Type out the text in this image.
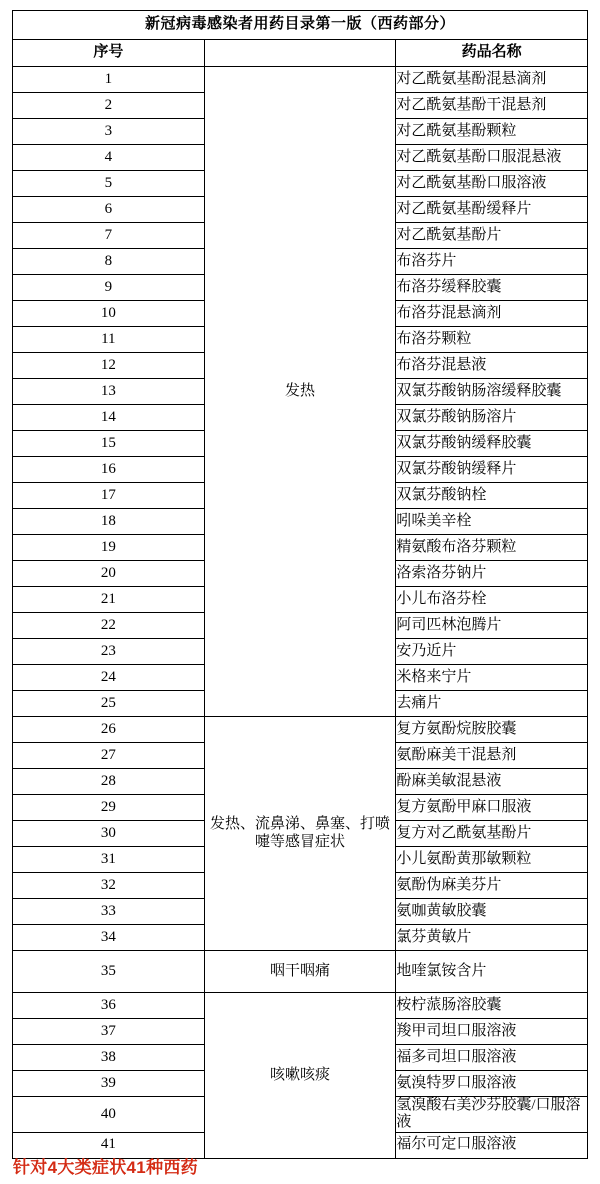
新冠病毒感染者用药目录第一版（西药部分）		
序号		药品名称
1	发热	对乙酰氨基酚混悬滴剂
2		对乙酰氨基酚干混悬剂
3		对乙酰氨基酚颗粒
4		对乙酰氨基酚口服混悬液
5		对乙酰氨基酚口服溶液
6		对乙酰氨基酚缓释片
7		对乙酰氨基酚片
8		布洛芬片
9		布洛芬缓释胶囊
10		布洛芬混悬滴剂
11		布洛芬颗粒
12		布洛芬混悬液
13		双氯芬酸钠肠溶缓释胶囊
14		双氯芬酸钠肠溶片
15		双氯芬酸钠缓释胶囊
16		双氯芬酸钠缓释片
17		双氯芬酸钠栓
18		吲哚美辛栓
19		精氨酸布洛芬颗粒
20		洛索洛芬钠片
21		小儿布洛芬栓
22		阿司匹林泡腾片
23		安乃近片
24		米格来宁片
25		去痛片
26	发热、流鼻涕、鼻塞、打喷嚏等感冒症状	复方氨酚烷胺胶囊
27		氨酚麻美干混悬剂
28		酚麻美敏混悬液
29		复方氨酚甲麻口服液
30		复方对乙酰氨基酚片
31		小儿氨酚黄那敏颗粒
32		氨酚伪麻美芬片
33		氨咖黄敏胶囊
34		氯芬黄敏片
35	咽干咽痛	地喹氯铵含片
36	咳嗽咳痰	桉柠蒎肠溶胶囊
37		羧甲司坦口服溶液
38		福多司坦口服溶液
39		氨溴特罗口服溶液
40		氢溴酸右美沙芬胶囊/口服溶液
41		福尔可定口服溶液
针对4大类症状41种西药
